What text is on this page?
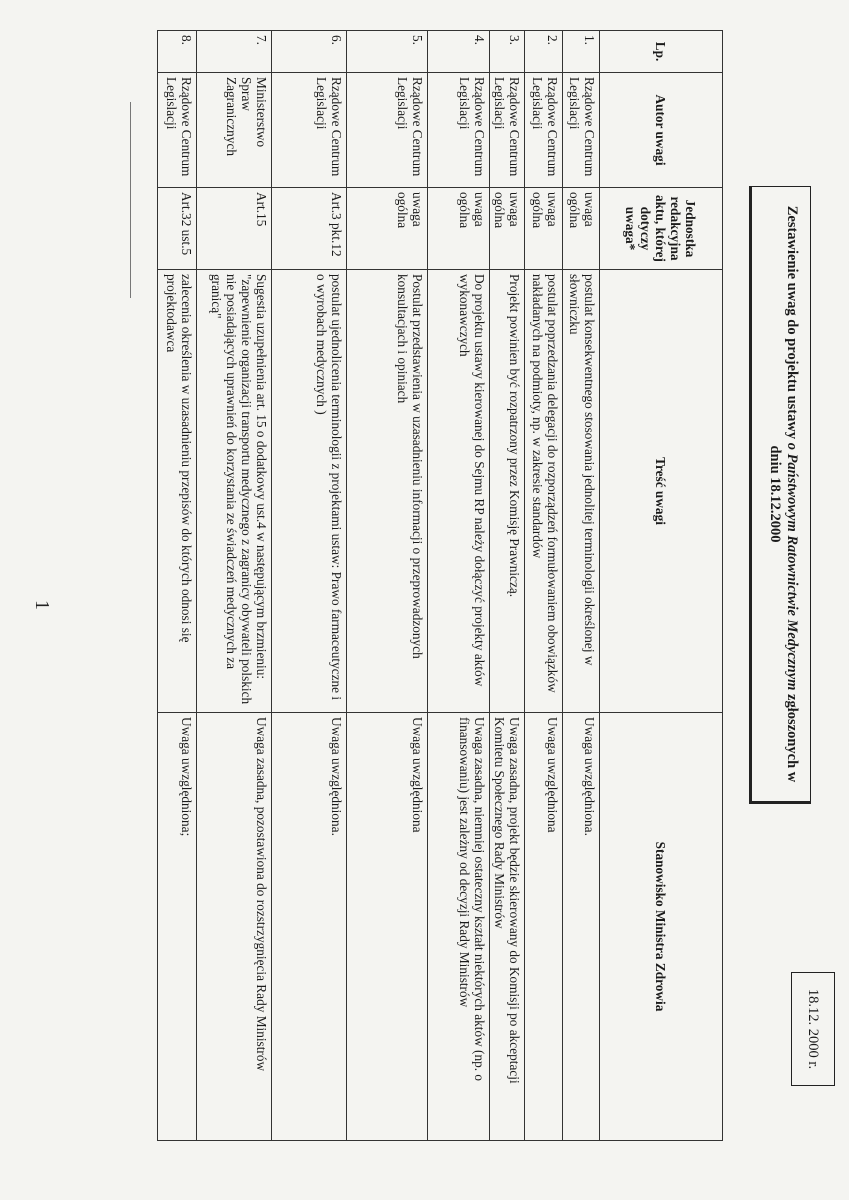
18.12. 2000 r.
Zestawienie uwag do projektu ustawy o Państwowym Ratownictwie Medycznym zgłoszonych w
dniu 18.12.2000
Lp.	Autor uwagi	Jednostka redakcyjna aktu, której dotyczy uwaga*	Treść uwagi	Stanowisko Ministra Zdrowia
1.	Rządowe Centrum Legislacji	uwaga ogólna	postulat konsekwentnego stosowania jednolitej terminologii określonej w słowniczku	Uwaga uwzględniona.
2.	Rządowe Centrum Legislacji	uwaga ogólna	postulat poprzedzania delegacji do rozporządzeń formułowaniem obowiązków nakładanych na podmioty, np. w zakresie standardów	Uwaga uwzględniona
3.	Rządowe Centrum Legislacji	uwaga ogólna	Projekt powinien być rozpatrzony przez Komisję Prawniczą.	Uwaga zasadna, projekt będzie skierowany do Komisji po akceptacji Komitetu Społecznego Rady Ministrów
4.	Rządowe Centrum Legislacji	uwaga ogólna	Do projektu ustawy kierowanej do Sejmu RP należy dołączyć projekty aktów wykonawczych	Uwaga zasadna, niemniej ostateczny kształt niektórych aktów (np. o finansowaniu) jest zależny od decyzji Rady Ministrów
5.	Rządowe Centrum Legislacji	uwaga ogólna	Postulat przedstawienia w uzasadnieniu informacji o przeprowadzonych konsultacjach i opiniach	Uwaga uwzględniona
6.	Rządowe Centrum Legislacji	Art.3 pkt.12	postulat ujednolicenia terminologii z projektami ustaw: Prawo farmaceutyczne i o wyrobach medycznych )	Uwaga uwzględniona.
7.	Ministerstwo Spraw Zagranicznych	Art.15	Sugestia uzupełnienia art. 15 o dodatkowy ust.4 w następującym brzmieniu: "zapewnienie organizacji transportu medycznego z zagranicy obywateli polskich nie posiadających uprawnień do korzystania ze świadczeń medycznych za granicą"	Uwaga zasadna, pozostawiona do rozstrzygnięcia Rady Ministrów
8.	Rządowe Centrum Legislacji	Art.32 ust.5	zalecenia określenia w uzasadnieniu przepisów do których odnosi się projektodawca	Uwaga uwzględniona;
1
